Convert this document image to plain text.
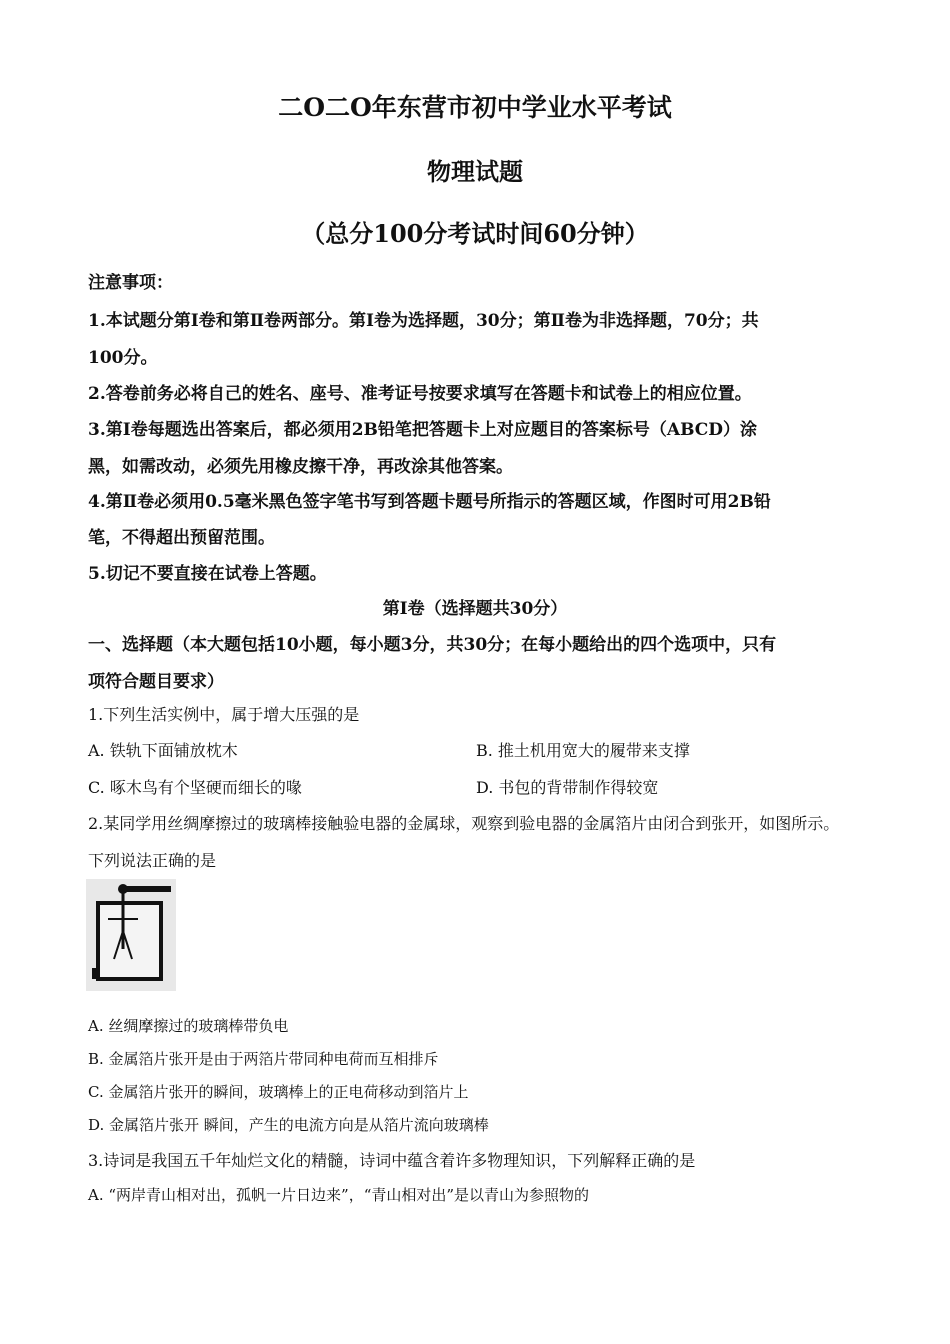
二O二O年东营市初中学业水平考试
物理试题
（总分100分考试时间60分钟）
注意事项：
1.本试题分第I卷和第Ⅱ卷两部分。第I卷为选择题，30分；第Ⅱ卷为非选择题，70分；共
100分。
2.答卷前务必将自己的姓名、座号、准考证号按要求填写在答题卡和试卷上的相应位置。
3.第Ⅰ卷每题选出答案后，都必须用2B铅笔把答题卡上对应题目的答案标号（ABCD）涂
黑，如需改动，必须先用橡皮擦干净，再改涂其他答案。
4.第Ⅱ卷必须用0.5毫米黑色签字笔书写到答题卡题号所指示的答题区域，作图时可用2B铅
笔，不得超出预留范围。
5.切记不要直接在试卷上答题。
第Ⅰ卷（选择题共30分）
一、选择题（本大题包括10小题，每小题3分，共30分；在每小题给出的四个选项中，只有
项符合题目要求）
1.下列生活实例中，属于增大压强的是
A. 铁轨下面铺放枕木	B. 推土机用宽大的履带来支撑
C. 啄木鸟有个坚硬而细长的喙	D. 书包的背带制作得较宽
2.某同学用丝绸摩擦过的玻璃棒接触验电器的金属球，观察到验电器的金属箔片由闭合到张开，如图所示。
下列说法正确的是
A. 丝绸摩擦过的玻璃棒带负电
B. 金属箔片张开是由于两箔片带同种电荷而互相排斥
C. 金属箔片张开的瞬间，玻璃棒上的正电荷移动到箔片上
D. 金属箔片张开 瞬间，产生的电流方向是从箔片流向玻璃棒
3.诗词是我国五千年灿烂文化的精髓，诗词中蕴含着许多物理知识，下列解释正确的是
A. “两岸青山相对出，孤帆一片日边来”，“青山相对出”是以青山为参照物的
